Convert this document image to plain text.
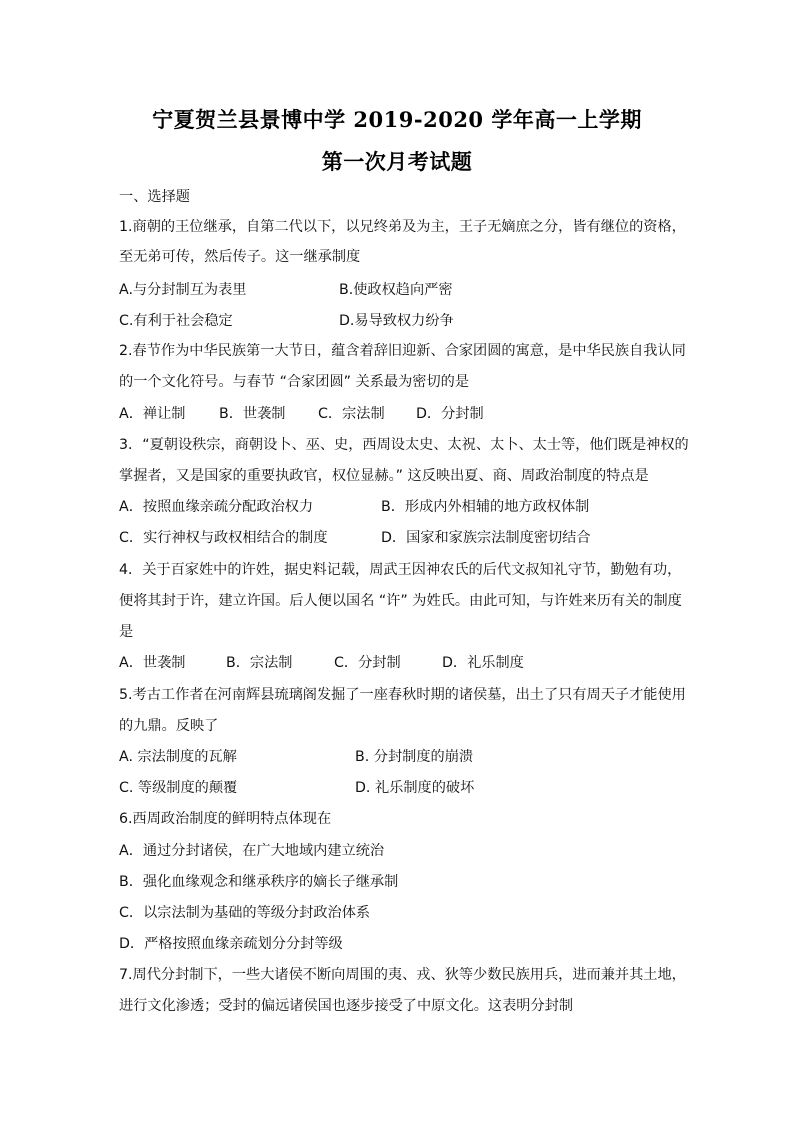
宁夏贺兰县景博中学 2019-2020 学年高一上学期
第一次月考试题
一、选择题
1.商朝的王位继承，自第二代以下，以兄终弟及为主，王子无嫡庶之分，皆有继位的资格，
至无弟可传，然后传子。这一继承制度
A.与分封制互为表里	B.使政权趋向严密
C.有利于社会稳定	D.易导致权力纷争
2.春节作为中华民族第一大节日，蕴含着辞旧迎新、合家团圆的寓意，是中华民族自我认同
的一个文化符号。与春节 “合家团圆” 关系最为密切的是
A．禅让制 B．世袭制 C．宗法制 D．分封制
3．“夏朝设秩宗，商朝设卜、巫、史，西周设太史、太祝、太卜、太士等，他们既是神权的
掌握者，又是国家的重要执政官，权位显赫。” 这反映出夏、商、周政治制度的特点是
A．按照血缘亲疏分配政治权力	B．形成内外相辅的地方政权体制
C．实行神权与政权相结合的制度	D．国家和家族宗法制度密切结合
4．关于百家姓中的许姓，据史料记载，周武王因神农氏的后代文叔知礼守节，勤勉有功，
便将其封于许，建立许国。后人便以国名 “许” 为姓氏。由此可知，与许姓来历有关的制度
是
A．世袭制	B．宗法制	C．分封制	D．礼乐制度
5.考古工作者在河南辉县琉璃阁发掘了一座春秋时期的诸侯墓，出土了只有周天子才能使用
的九鼎。反映了
A. 宗法制度的瓦解	B. 分封制度的崩溃
C. 等级制度的颠覆	D. 礼乐制度的破坏
6.西周政治制度的鲜明特点体现在
A．通过分封诸侯，在广大地域内建立统治
B．强化血缘观念和继承秩序的嫡长子继承制
C．以宗法制为基础的等级分封政治体系
D．严格按照血缘亲疏划分分封等级
7.周代分封制下，一些大诸侯不断向周围的夷、戎、狄等少数民族用兵，进而兼并其土地，
进行文化渗透；受封的偏远诸侯国也逐步接受了中原文化。这表明分封制
